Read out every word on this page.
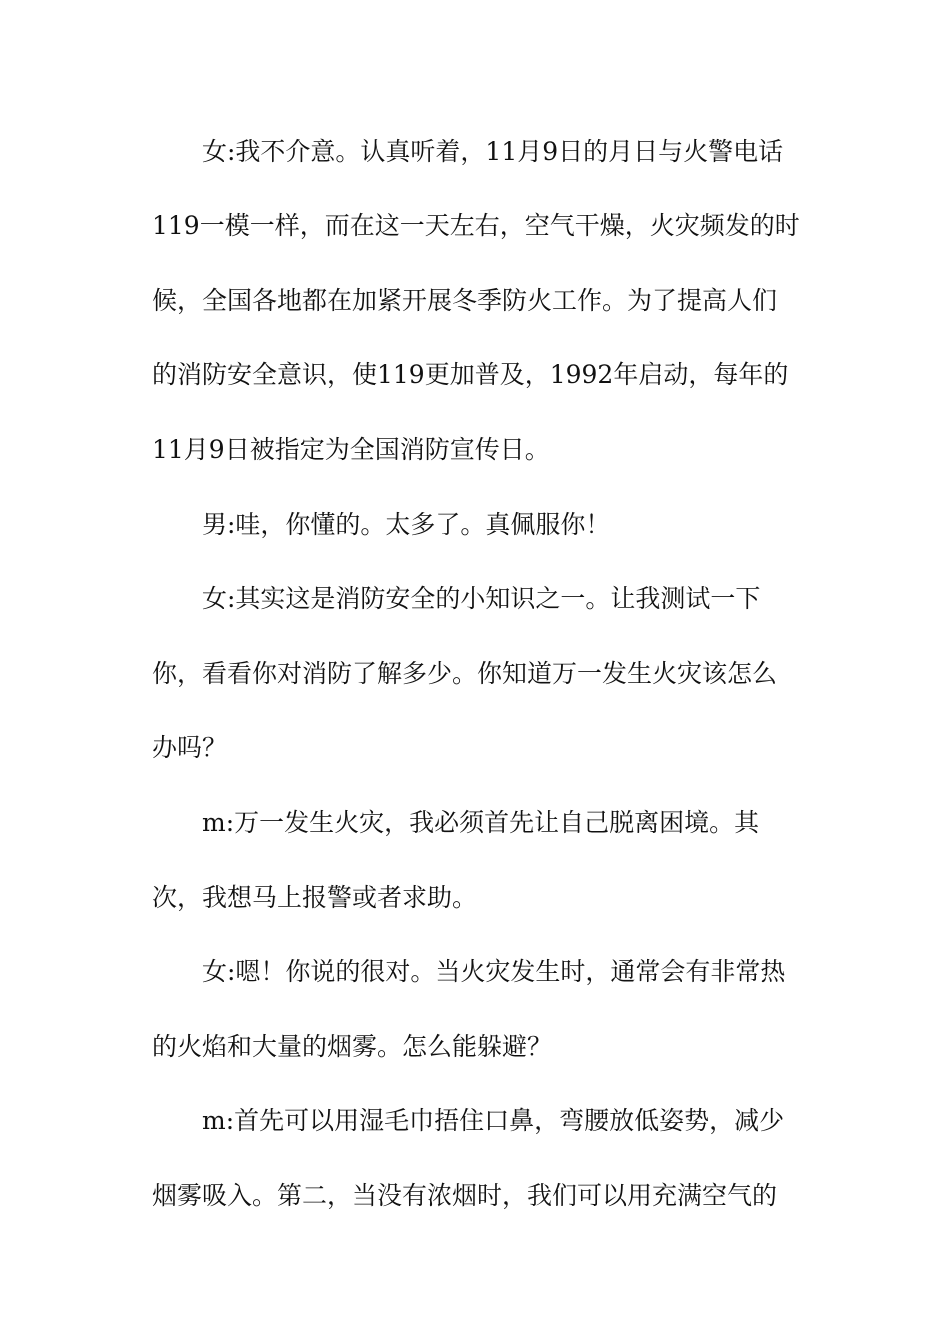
女:我不介意。认真听着，11月9日的月日与火警电话
119一模一样，而在这一天左右，空气干燥，火灾频发的时
候，全国各地都在加紧开展冬季防火工作。为了提高人们
的消防安全意识，使119更加普及，1992年启动，每年的
11月9日被指定为全国消防宣传日。
男:哇，你懂的。太多了。真佩服你！
女:其实这是消防安全的小知识之一。让我测试一下
你，看看你对消防了解多少。你知道万一发生火灾该怎么
办吗？
m:万一发生火灾，我必须首先让自己脱离困境。其
次，我想马上报警或者求助。
女:嗯！你说的很对。当火灾发生时，通常会有非常热
的火焰和大量的烟雾。怎么能躲避？
m:首先可以用湿毛巾捂住口鼻，弯腰放低姿势，减少
烟雾吸入。第二，当没有浓烟时，我们可以用充满空气的
